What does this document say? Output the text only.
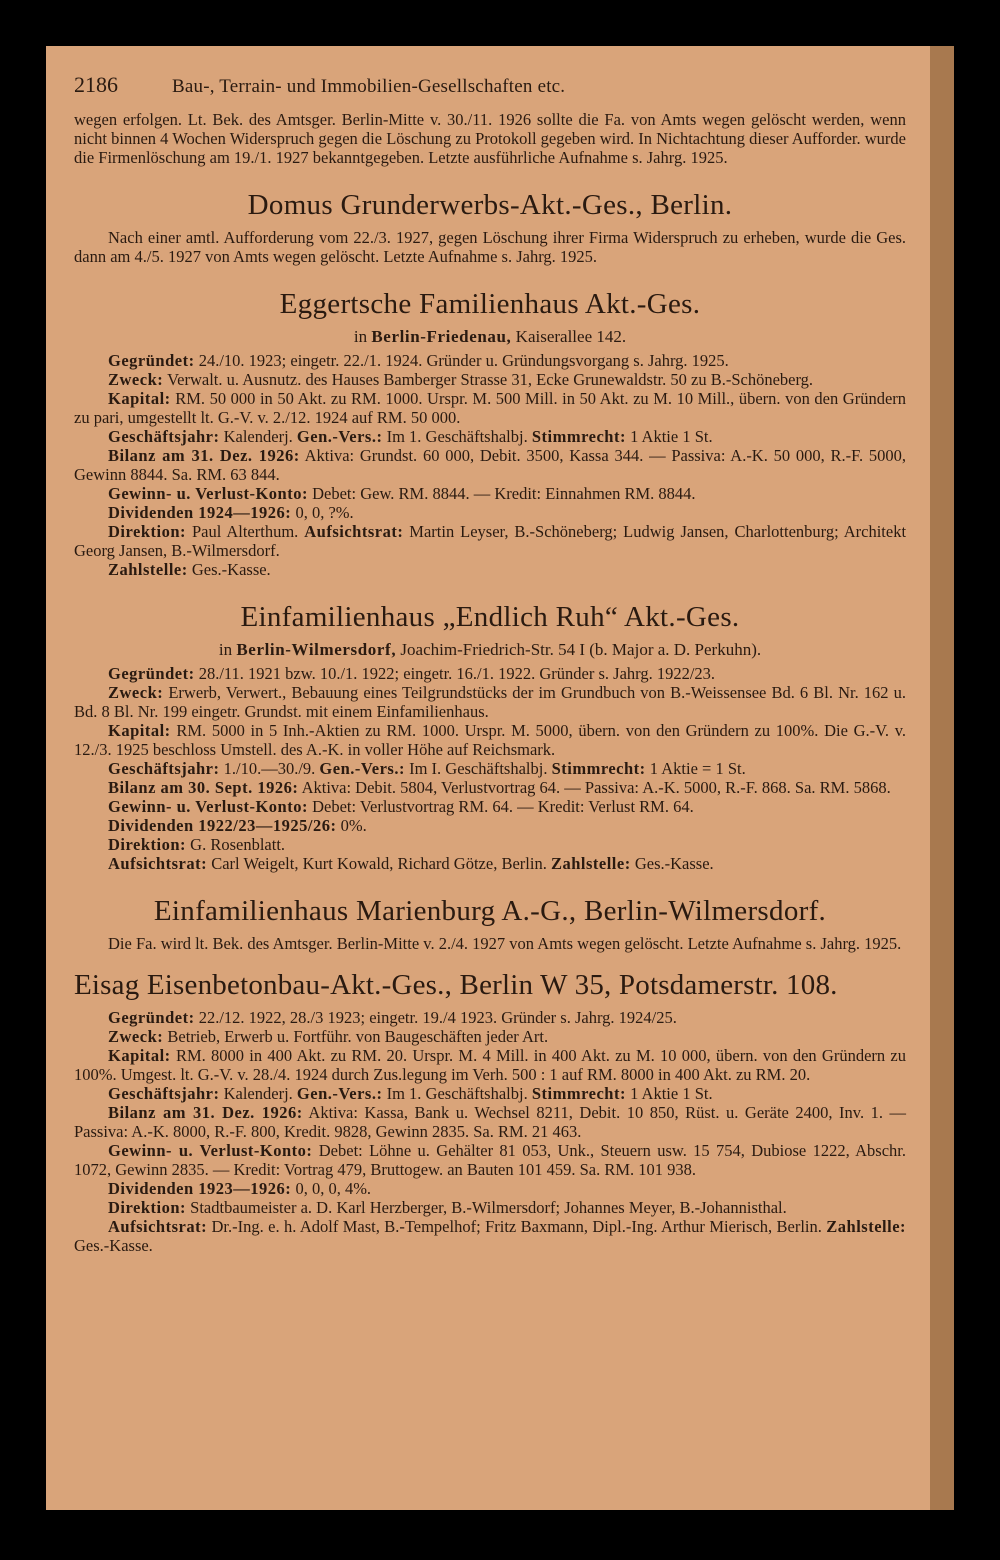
2186	Bau-, Terrain- und Immobilien-Gesellschaften etc.

wegen erfolgen. Lt. Bek. des Amtsger. Berlin-Mitte v. 30./11. 1926 sollte die Fa. von Amts wegen gelöscht werden, wenn nicht binnen 4 Wochen Widerspruch gegen die Löschung zu Protokoll gegeben wird. In Nichtachtung dieser Aufforder. wurde die Firmenlöschung am 19./1. 1927 bekanntgegeben. Letzte ausführliche Aufnahme s. Jahrg. 1925.

Domus Grunderwerbs-Akt.-Ges., Berlin.

Nach einer amtl. Aufforderung vom 22./3. 1927, gegen Löschung ihrer Firma Widerspruch zu erheben, wurde die Ges. dann am 4./5. 1927 von Amts wegen gelöscht. Letzte Aufnahme s. Jahrg. 1925.

Eggertsche Familienhaus Akt.-Ges.
in Berlin-Friedenau, Kaiserallee 142.

Gegründet: 24./10. 1923; eingetr. 22./1. 1924. Gründer u. Gründungsvorgang s. Jahrg. 1925.

Zweck: Verwalt. u. Ausnutz. des Hauses Bamberger Strasse 31, Ecke Grunewaldstr. 50 zu B.-Schöneberg.

Kapital: RM. 50 000 in 50 Akt. zu RM. 1000. Urspr. M. 500 Mill. in 50 Akt. zu M. 10 Mill., übern. von den Gründern zu pari, umgestellt lt. G.-V. v. 2./12. 1924 auf RM. 50 000.

Geschäftsjahr: Kalenderj. Gen.-Vers.: Im 1. Geschäftshalbj. Stimmrecht: 1 Aktie 1 St.

Bilanz am 31. Dez. 1926: Aktiva: Grundst. 60 000, Debit. 3500, Kassa 344. — Passiva: A.-K. 50 000, R.-F. 5000, Gewinn 8844. Sa. RM. 63 844.

Gewinn- u. Verlust-Konto: Debet: Gew. RM. 8844. — Kredit: Einnahmen RM. 8844.

Dividenden 1924—1926: 0, 0, ?%.

Direktion: Paul Alterthum. Aufsichtsrat: Martin Leyser, B.-Schöneberg; Ludwig Jansen, Charlottenburg; Architekt Georg Jansen, B.-Wilmersdorf.

Zahlstelle: Ges.-Kasse.

Einfamilienhaus „Endlich Ruh“ Akt.-Ges.
in Berlin-Wilmersdorf, Joachim-Friedrich-Str. 54 I (b. Major a. D. Perkuhn).

Gegründet: 28./11. 1921 bzw. 10./1. 1922; eingetr. 16./1. 1922. Gründer s. Jahrg. 1922/23.

Zweck: Erwerb, Verwert., Bebauung eines Teilgrundstücks der im Grundbuch von B.-Weissensee Bd. 6 Bl. Nr. 162 u. Bd. 8 Bl. Nr. 199 eingetr. Grundst. mit einem Einfamilienhaus.

Kapital: RM. 5000 in 5 Inh.-Aktien zu RM. 1000. Urspr. M. 5000, übern. von den Gründern zu 100%. Die G.-V. v. 12./3. 1925 beschloss Umstell. des A.-K. in voller Höhe auf Reichsmark.

Geschäftsjahr: 1./10.—30./9. Gen.-Vers.: Im I. Geschäftshalbj. Stimmrecht: 1 Aktie = 1 St.

Bilanz am 30. Sept. 1926: Aktiva: Debit. 5804, Verlustvortrag 64. — Passiva: A.-K. 5000, R.-F. 868. Sa. RM. 5868.

Gewinn- u. Verlust-Konto: Debet: Verlustvortrag RM. 64. — Kredit: Verlust RM. 64.

Dividenden 1922/23—1925/26: 0%.

Direktion: G. Rosenblatt.

Aufsichtsrat: Carl Weigelt, Kurt Kowald, Richard Götze, Berlin. Zahlstelle: Ges.-Kasse.

Einfamilienhaus Marienburg A.-G., Berlin-Wilmersdorf.

Die Fa. wird lt. Bek. des Amtsger. Berlin-Mitte v. 2./4. 1927 von Amts wegen gelöscht. Letzte Aufnahme s. Jahrg. 1925.

Eisag Eisenbetonbau-Akt.-Ges., Berlin W 35, Potsdamerstr. 108.

Gegründet: 22./12. 1922, 28./3 1923; eingetr. 19./4 1923. Gründer s. Jahrg. 1924/25.

Zweck: Betrieb, Erwerb u. Fortführ. von Baugeschäften jeder Art.

Kapital: RM. 8000 in 400 Akt. zu RM. 20. Urspr. M. 4 Mill. in 400 Akt. zu M. 10 000, übern. von den Gründern zu 100%. Umgest. lt. G.-V. v. 28./4. 1924 durch Zus.legung im Verh. 500 : 1 auf RM. 8000 in 400 Akt. zu RM. 20.

Geschäftsjahr: Kalenderj. Gen.-Vers.: Im 1. Geschäftshalbj. Stimmrecht: 1 Aktie 1 St.

Bilanz am 31. Dez. 1926: Aktiva: Kassa, Bank u. Wechsel 8211, Debit. 10 850, Rüst. u. Geräte 2400, Inv. 1. — Passiva: A.-K. 8000, R.-F. 800, Kredit. 9828, Gewinn 2835. Sa. RM. 21 463.

Gewinn- u. Verlust-Konto: Debet: Löhne u. Gehälter 81 053, Unk., Steuern usw. 15 754, Dubiose 1222, Abschr. 1072, Gewinn 2835. — Kredit: Vortrag 479, Bruttogew. an Bauten 101 459. Sa. RM. 101 938.

Dividenden 1923—1926: 0, 0, 0, 4%.

Direktion: Stadtbaumeister a. D. Karl Herzberger, B.-Wilmersdorf; Johannes Meyer, B.-Johannisthal.

Aufsichtsrat: Dr.-Ing. e. h. Adolf Mast, B.-Tempelhof; Fritz Baxmann, Dipl.-Ing. Arthur Mierisch, Berlin. Zahlstelle: Ges.-Kasse.
